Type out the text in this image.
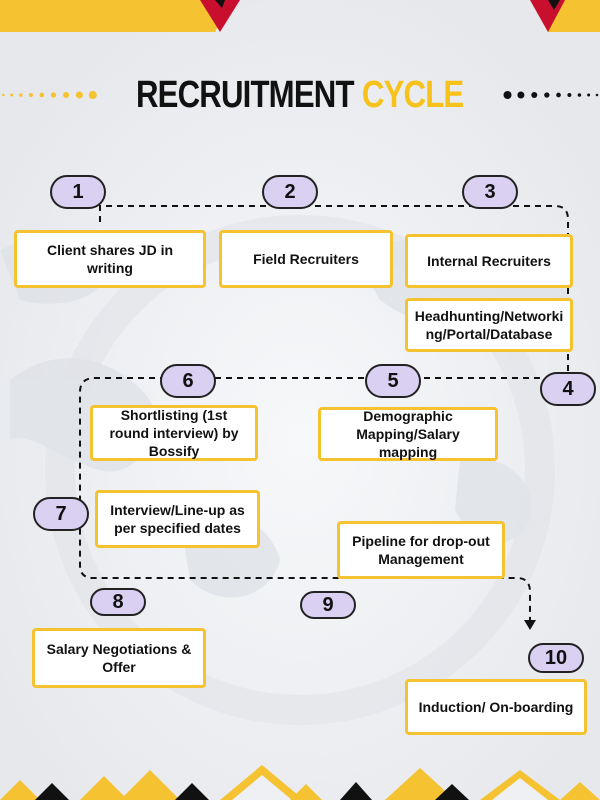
RECRUITMENT CYCLE
1	2	3
4
5
6
7
8	9
10
Client shares JD in writing
Field Recruiters	Internal Recruiters
Headhunting/Networking/Portal/Database
Demographic Mapping/Salary mapping
Shortlisting (1st round interview) by Bossify
Interview/Line-up as per specified dates
Salary Negotiations & Offer
Pipeline for drop-out Management
Induction/ On-boarding
